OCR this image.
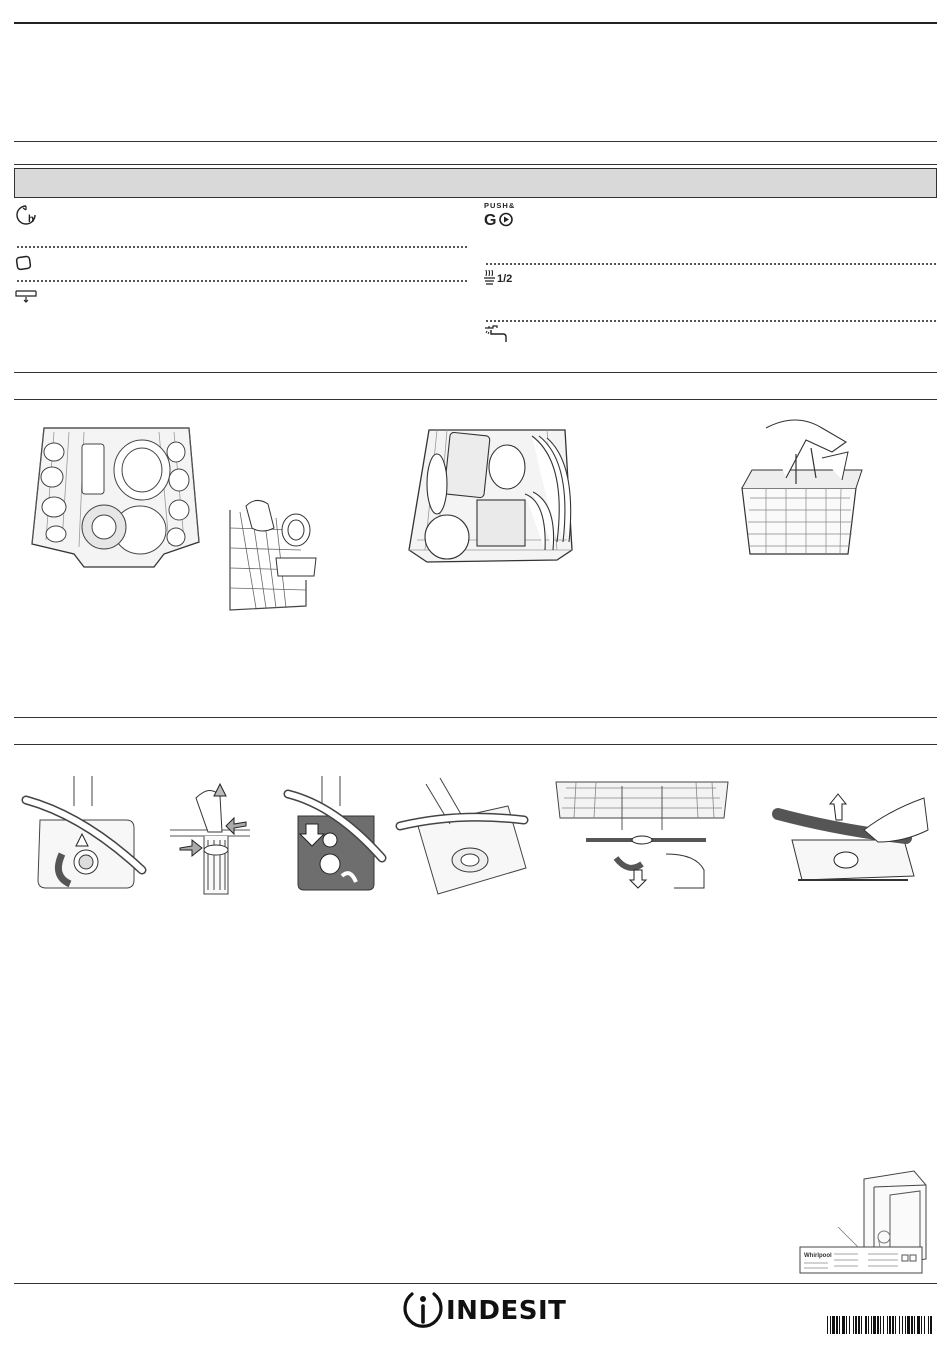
h
PUSH&
G
1/2
Whirlpool
INDESIT
